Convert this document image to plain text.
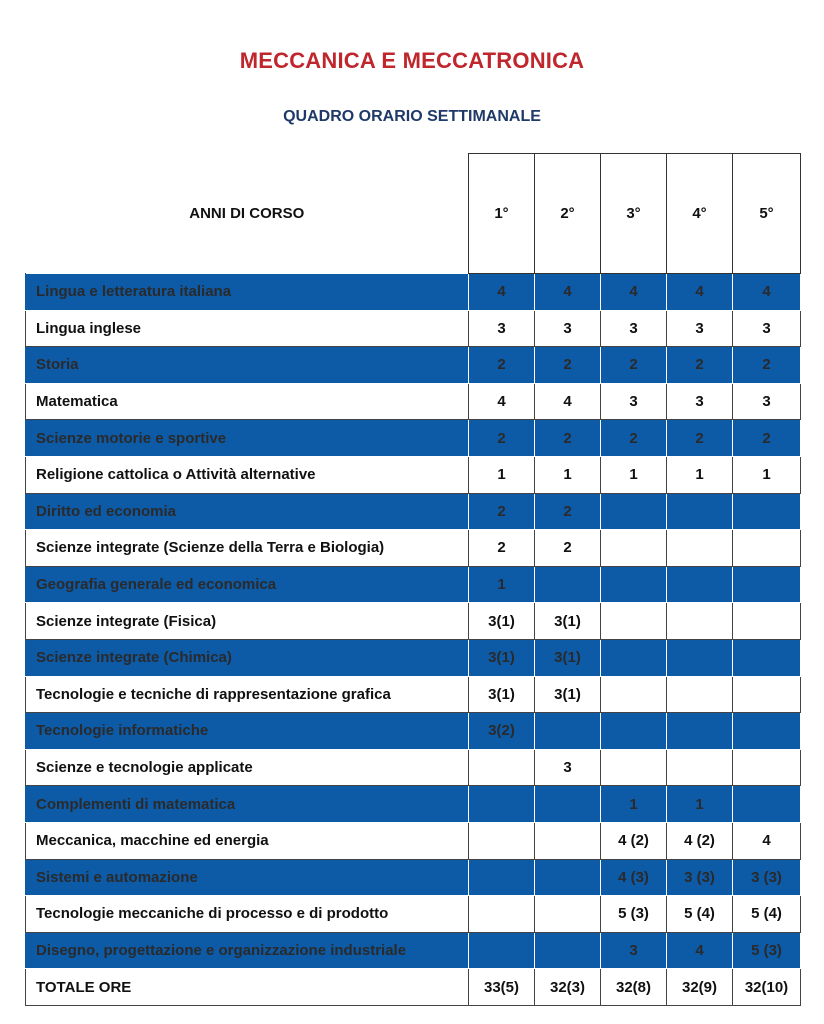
MECCANICA E MECCATRONICA
QUADRO ORARIO SETTIMANALE
ANNI DI CORSO	1°	2°	3°	4°	5°
Lingua e letteratura italiana	4	4	4	4	4
Lingua inglese	3	3	3	3	3
Storia	2	2	2	2	2
Matematica	4	4	3	3	3
Scienze motorie e sportive	2	2	2	2	2
Religione cattolica o Attività alternative	1	1	1	1	1
Diritto ed economia	2	2			
Scienze integrate (Scienze della Terra e Biologia)	2	2			
Geografia generale ed economica	1				
Scienze integrate (Fisica)	3(1)	3(1)			
Scienze integrate (Chimica)	3(1)	3(1)			
Tecnologie e tecniche di rappresentazione grafica	3(1)	3(1)			
Tecnologie informatiche	3(2)				
Scienze e tecnologie applicate		3			
Complementi di matematica			1	1	
Meccanica, macchine ed energia			4 (2)	4 (2)	4
Sistemi e automazione			4 (3)	3 (3)	3 (3)
Tecnologie meccaniche di processo e di prodotto			5 (3)	5 (4)	5 (4)
Disegno, progettazione e organizzazione industriale			3	4	5 (3)
TOTALE ORE	33(5)	32(3)	32(8)	32(9)	32(10)
